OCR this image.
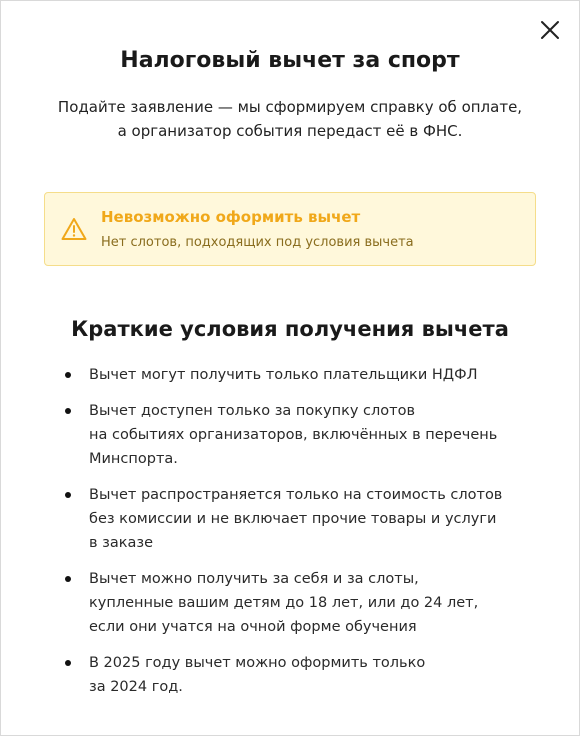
Налоговый вычет за спорт

Подайте заявление — мы сформируем справку об оплате,
а организатор события передаст её в ФНС.

Невозможно оформить вычет
Нет слотов, подходящих под условия вычета
Краткие условия получения вычета
Вычет могут получить только плательщики НДФЛ
Вычет доступен только за покупку слотов
на событиях организаторов, включённых в перечень
Минспорта.
Вычет распространяется только на стоимость слотов
без комиссии и не включает прочие товары и услуги
в заказе
Вычет можно получить за себя и за слоты,
купленные вашим детям до 18 лет, или до 24 лет,
если они учатся на очной форме обучения
В 2025 году вычет можно оформить только
за 2024 год.
